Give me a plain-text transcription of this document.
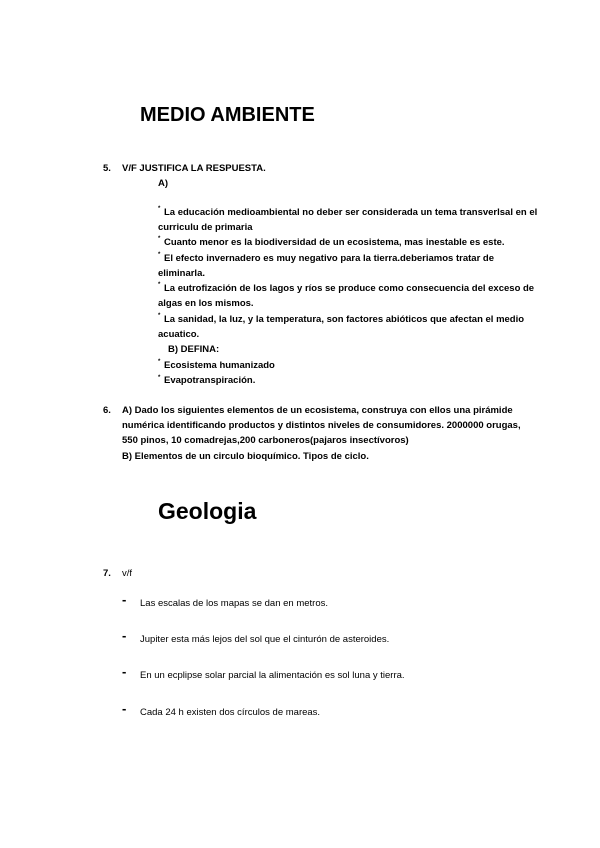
MEDIO AMBIENTE
5. V/F JUSTIFICA LA RESPUESTA.
A)
* La educación medioambiental no deber ser considerada un tema transverlsal en el
curriculu de primaria
* Cuanto menor es la biodiversidad de un ecosistema, mas inestable es este.
* El efecto invernadero es muy negativo para la tierra.deberiamos tratar de
eliminarla.
* La eutrofización de los lagos y ríos se produce como consecuencia del exceso de
algas en los mismos.
* La sanidad, la luz, y la temperatura, son factores abióticos que afectan el medio
acuatico.
B) DEFINA:
* Ecosistema humanizado
* Evapotranspiración.
6. A) Dado los siguientes elementos de un ecosistema, construya con ellos una pirámide
numérica identificando productos y distintos niveles de consumidores. 2000000 orugas,
550 pinos, 10 comadrejas,200 carboneros(pajaros insectívoros)
B) Elementos de un circulo bioquímico. Tipos de ciclo.
Geologia
7. v/f
- Las escalas de los mapas se dan en metros.
- Jupiter esta más lejos del sol que el cinturón de asteroides.
- En un ecplipse solar parcial la alimentación es sol luna y tierra.
- Cada 24 h existen dos círculos de mareas.
